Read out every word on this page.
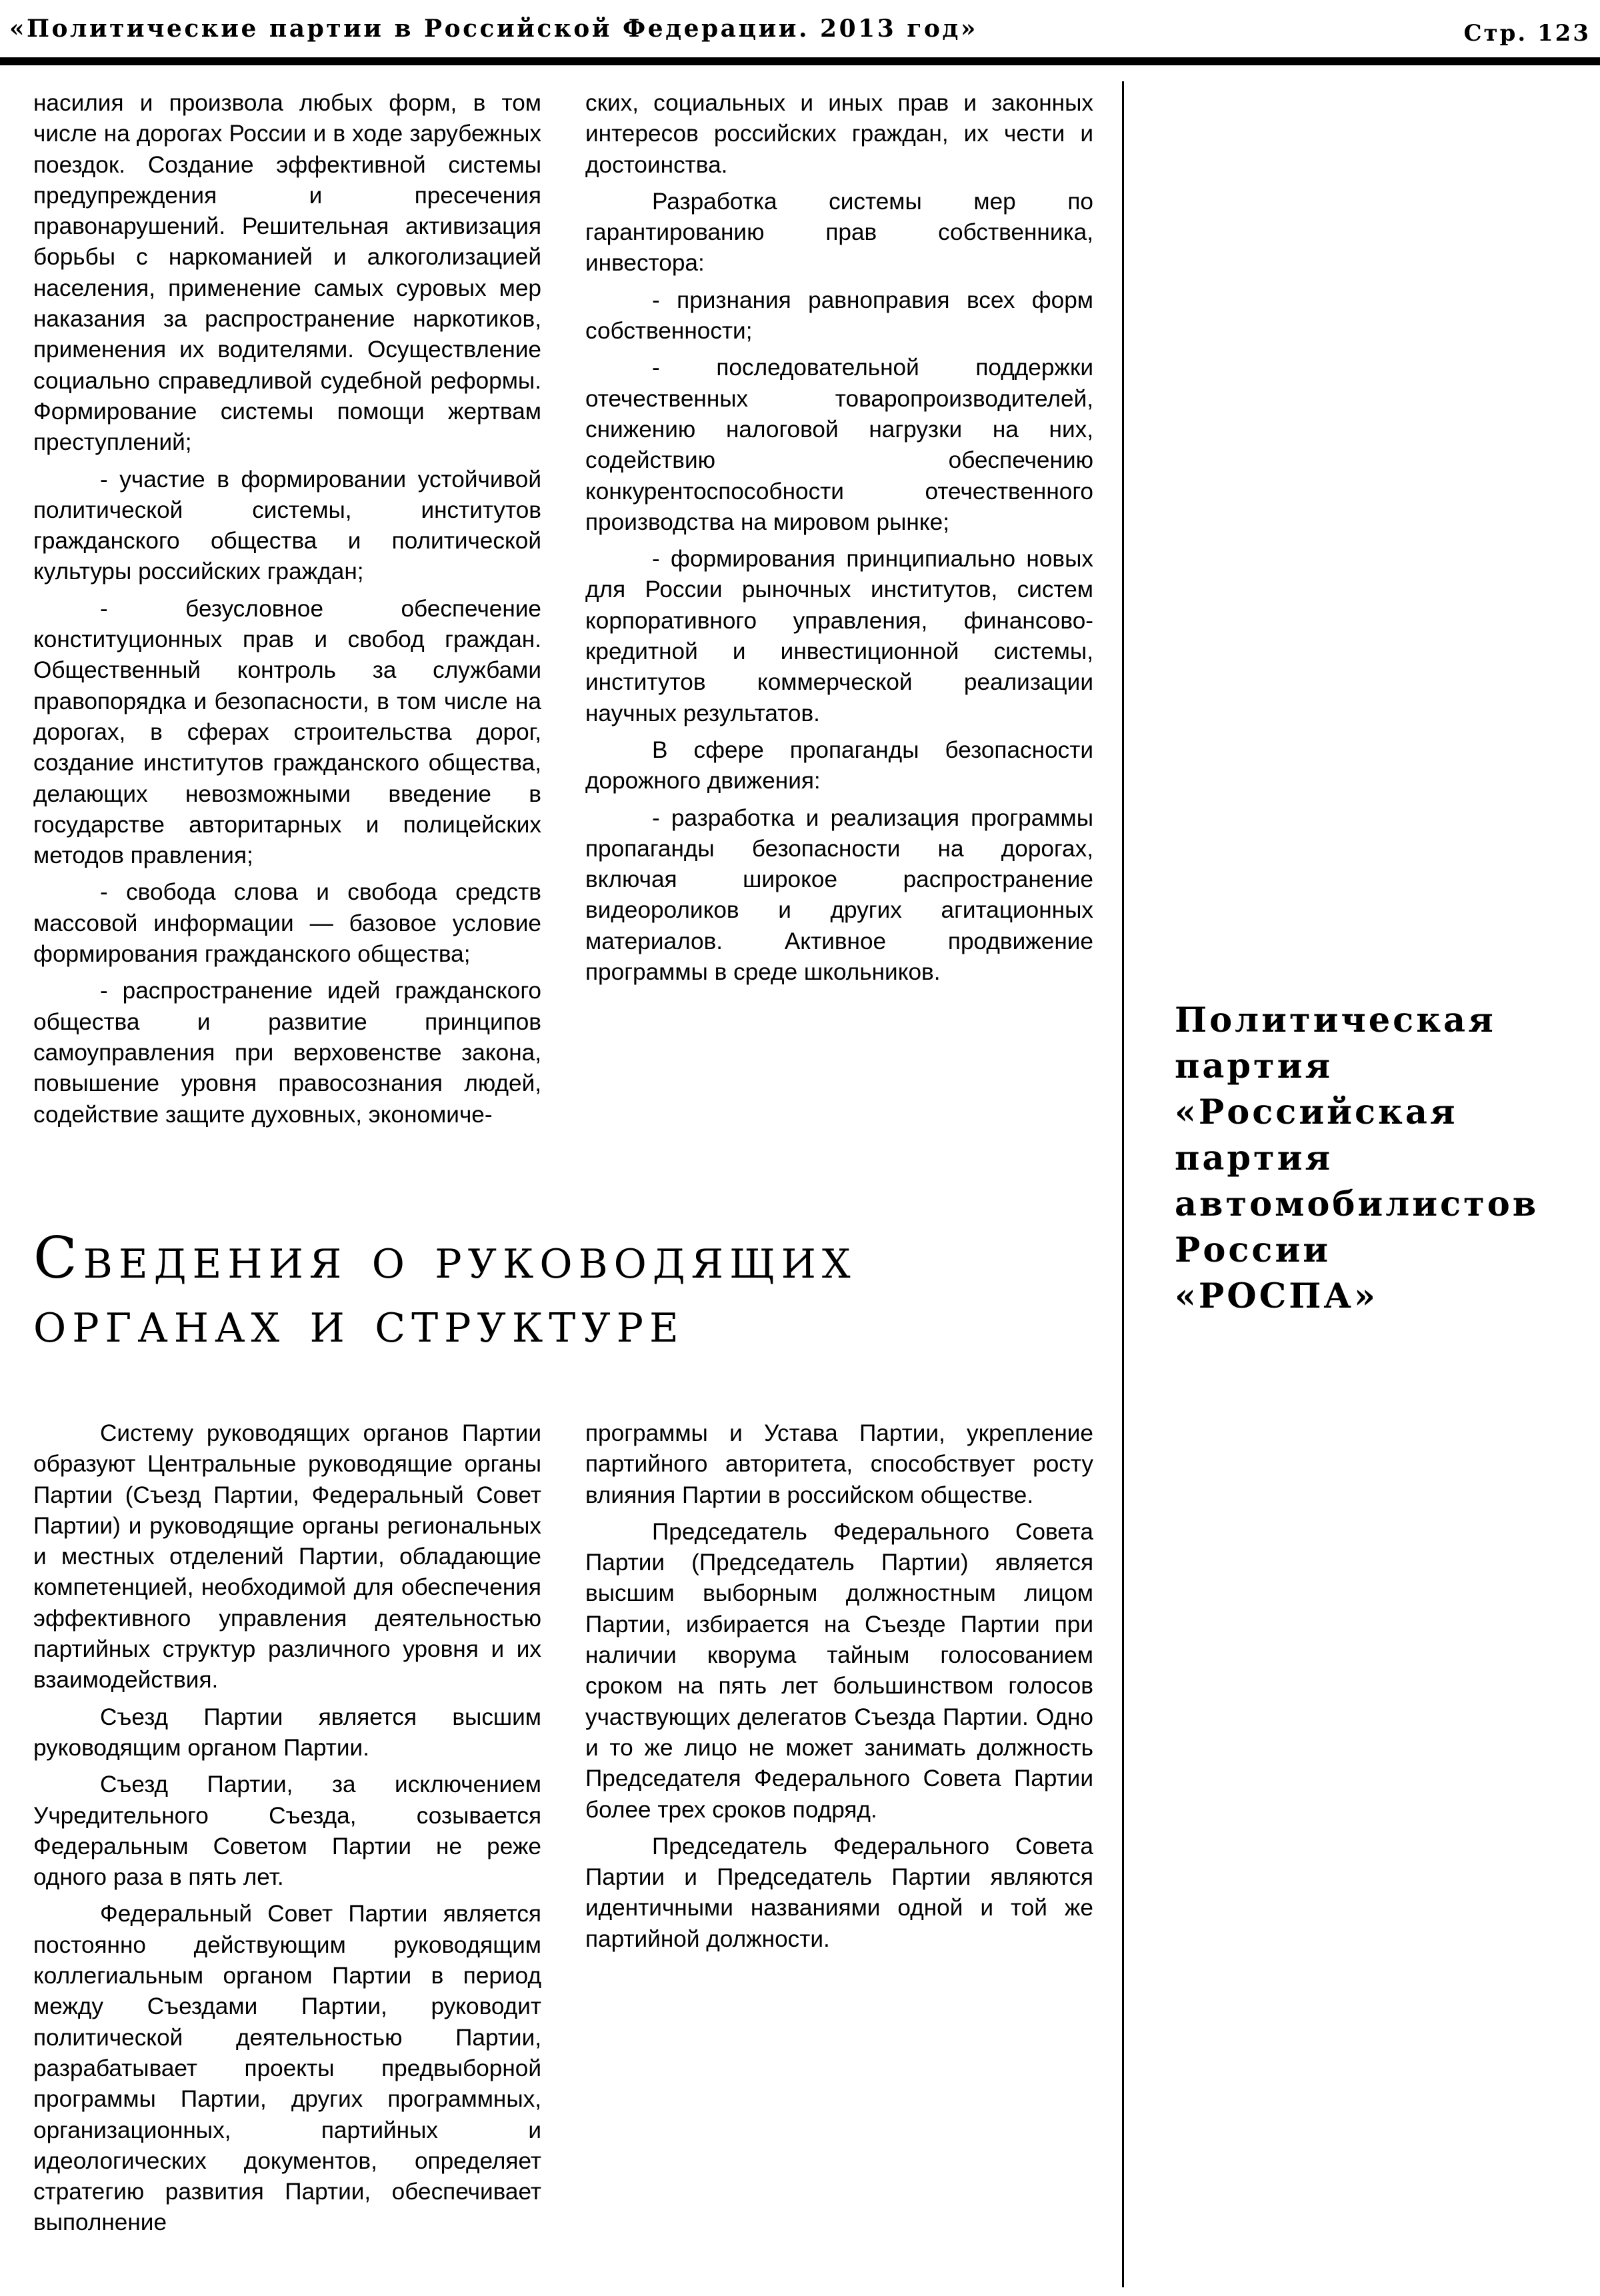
«Политические партии в Российской Федерации. 2013 год»	Стр. 123

насилия и произвола любых форм, в том числе на дорогах России и в ходе зарубежных поездок. Создание эффективной системы предупреждения и пресечения правонарушений. Решительная активизация борьбы с наркоманией и алкоголизацией населения, применение самых суровых мер наказания за распространение наркотиков, применения их водителями. Осуществление социально справедливой судебной реформы. Формирование системы помощи жертвам преступлений;

- участие в формировании устойчивой политической системы, институтов гражданского общества и политической культуры российских граждан;

- безусловное обеспечение конституционных прав и свобод граждан. Общественный контроль за службами правопорядка и безопасности, в том числе на дорогах, в сферах строительства дорог, создание институтов гражданского общества, делающих невозможными введение в государстве авторитарных и полицейских методов правления;

- свобода слова и свобода средств массовой информации — базовое условие формирования гражданского общества;

- распространение идей гражданского общества и развитие принципов самоуправления при верховенстве закона, повышение уровня правосознания людей, содействие защите духовных, экономиче-

ских, социальных и иных прав и законных интересов российских граждан, их чести и достоинства.

Разработка системы мер по гарантированию прав собственника, инвестора:

- признания равноправия всех форм собственности;

- последовательной поддержки отечественных товаропроизводителей, снижению налоговой нагрузки на них, содействию обеспечению конкурентоспособности отечественного производства на мировом рынке;

- формирования принципиально новых для России рыночных институтов, систем корпоративного управления, финансово-кредитной и инвестиционной системы, институтов коммерческой реализации научных результатов.

В сфере пропаганды безопасности дорожного движения:

- разработка и реализация программы пропаганды безопасности на дорогах, включая широкое распространение видеороликов и других агитационных материалов. Активное продвижение программы в среде школьников.

Политическая
партия
«Российская
партия
автомобилистов
России
«РОСПА»
Сведения о руководящих
органах и структуре

Систему руководящих органов Партии образуют Центральные руководящие органы Партии (Съезд Партии, Федеральный Совет Партии) и руководящие органы региональных и местных отделений Партии, обладающие компетенцией, необходимой для обеспечения эффективного управления деятельностью партийных структур различного уровня и их взаимодействия.

Съезд Партии является высшим руководящим органом Партии.

Съезд Партии, за исключением Учредительного Съезда, созывается Федеральным Советом Партии не реже одного раза в пять лет.

Федеральный Совет Партии является постоянно действующим руководящим коллегиальным органом Партии в период между Съездами Партии, руководит политической деятельностью Партии, разрабатывает проекты предвыборной программы Партии, других программных, организационных, партийных и идеологических документов, определяет стратегию развития Партии, обеспечивает выполнение

программы и Устава Партии, укрепление партийного авторитета, способствует росту влияния Партии в российском обществе.

Председатель Федерального Совета Партии (Председатель Партии) является высшим выборным должностным лицом Партии, избирается на Съезде Партии при наличии кворума тайным голосованием сроком на пять лет большинством голосов участвующих делегатов Съезда Партии. Одно и то же лицо не может занимать должность Председателя Федерального Совета Партии более трех сроков подряд.

Председатель Федерального Совета Партии и Председатель Партии являются идентичными названиями одной и той же партийной должности.
